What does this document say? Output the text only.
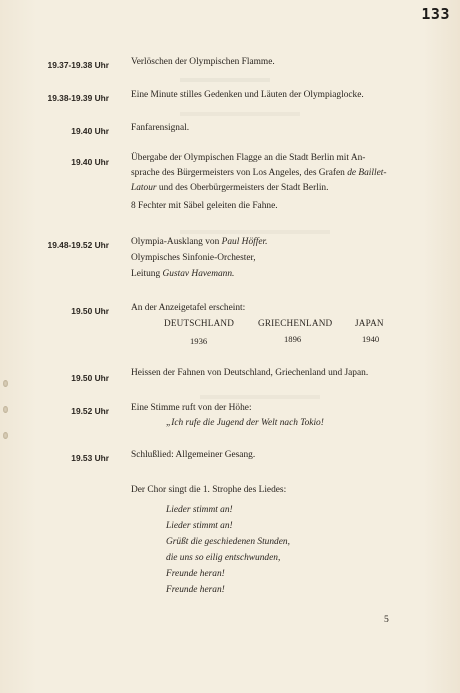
133
19.37-19.38 Uhr Verlöschen der Olympischen Flamme.
19.38-19.39 Uhr Eine Minute stilles Gedenken und Läuten der Olympiaglocke.
19.40 Uhr Fanfarensignal.
19.40 Uhr Übergabe der Olympischen Flagge an die Stadt Berlin mit An-
sprache des Bürgermeisters von Los Angeles, des Grafen de Baillet-
Latour und des Oberbürgermeisters der Stadt Berlin.
8 Fechter mit Säbel geleiten die Fahne.
19.48-19.52 Uhr Olympia-Ausklang von Paul Höffer.
Olympisches Sinfonie-Orchester,
Leitung Gustav Havemann.
19.50 Uhr An der Anzeigetafel erscheint:
DEUTSCHLAND	GRIECHENLAND JAPAN
1936	1896	1940
19.50 Uhr Heissen der Fahnen von Deutschland, Griechenland und Japan.
19.52 Uhr Eine Stimme ruft von der Höhe:
„Ich rufe die Jugend der Welt nach Tokio!
19.53 Uhr Schlußlied: Allgemeiner Gesang.
Der Chor singt die 1. Strophe des Liedes:
Lieder stimmt an!
Lieder stimmt an!
Grüßt die geschiedenen Stunden,
die uns so eilig entschwunden,
Freunde heran!
Freunde heran!
5
